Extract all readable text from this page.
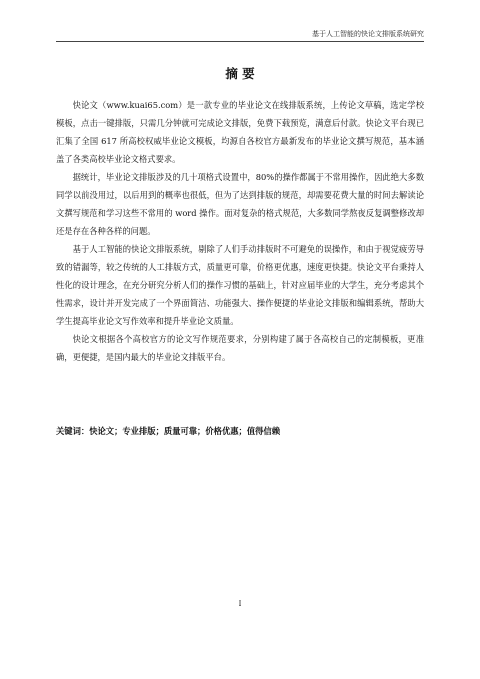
基于人工智能的快论文排版系统研究
摘 要

快论文（www.kuai65.com）是一款专业的毕业论文在线排版系统，上传论文草稿，选定学校模板，点击一键排版，只需几分钟就可完成论文排版，免费下载预览，满意后付款。快论文平台现已汇集了全国 617 所高校权威毕业论文模板，均源自各校官方最新发布的毕业论文撰写规范，基本涵盖了各类高校毕业论文格式要求。

据统计，毕业论文排版涉及的几十项格式设置中，80%的操作都属于不常用操作，因此绝大多数同学以前没用过，以后用到的概率也很低，但为了达到排版的规范，却需要花费大量的时间去解读论文撰写规范和学习这些不常用的 word 操作。面对复杂的格式规范，大多数同学熬夜反复调整修改却还是存在各种各样的问题。

基于人工智能的快论文排版系统，剔除了人们手动排版时不可避免的误操作，和由于视觉疲劳导致的错漏等，较之传统的人工排版方式，质量更可靠，价格更优惠，速度更快捷。快论文平台秉持人性化的设计理念，在充分研究分析人们的操作习惯的基础上，针对应届毕业的大学生，充分考虑其个性需求，设计并开发完成了一个界面简洁、功能强大、操作便捷的毕业论文排版和编辑系统，帮助大学生提高毕业论文写作效率和提升毕业论文质量。

快论文根据各个高校官方的论文写作规范要求，分别构建了属于各高校自己的定制模板，更准确，更便捷，是国内最大的毕业论文排版平台。

关键词：快论文；专业排版；质量可靠；价格优惠；值得信赖
I
